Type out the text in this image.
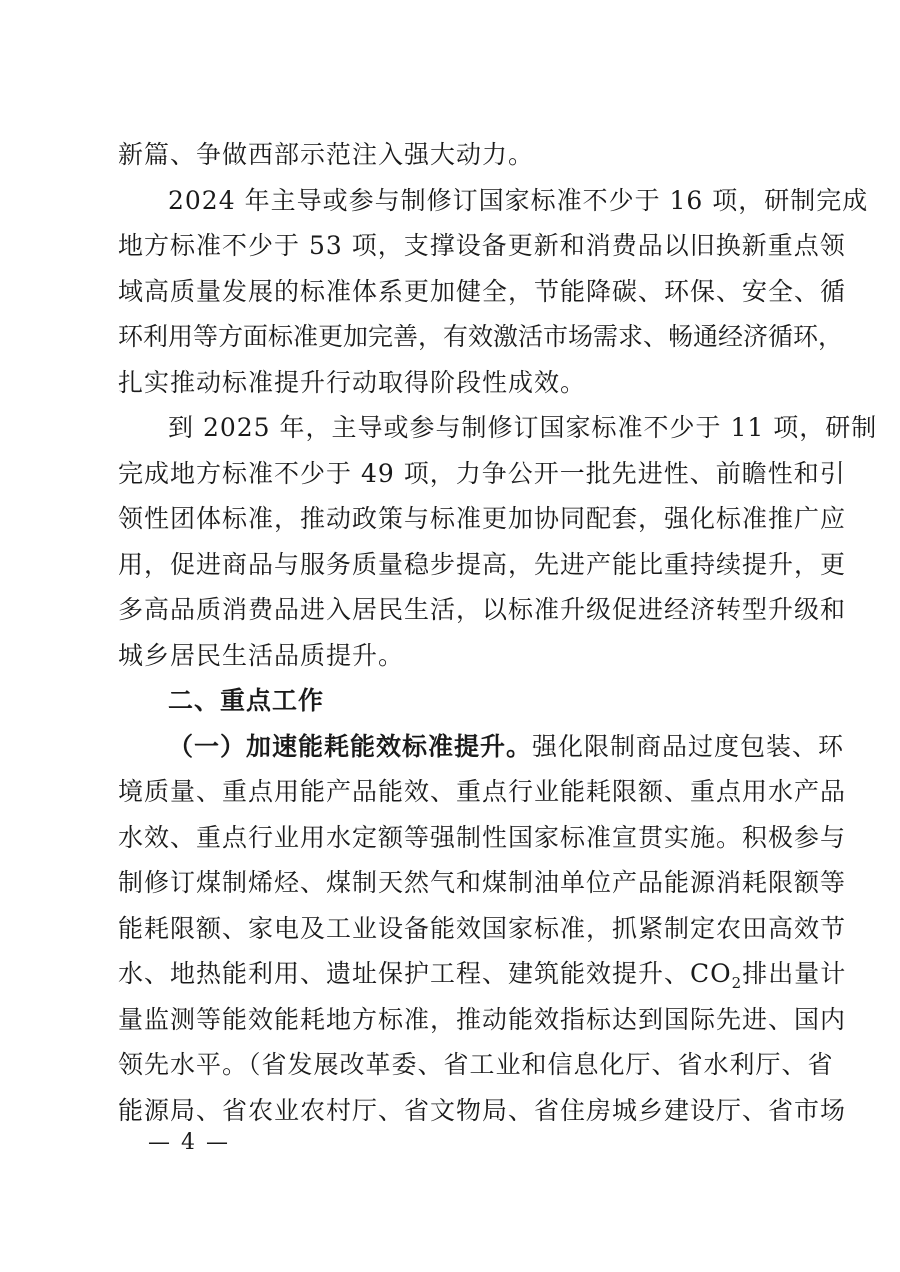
新篇、争做西部示范注入强大动力。
2024 年主导或参与制修订国家标准不少于 16 项，研制完成
地方标准不少于 53 项，支撑设备更新和消费品以旧换新重点领
域高质量发展的标准体系更加健全，节能降碳、环保、安全、循
环利用等方面标准更加完善，有效激活市场需求、畅通经济循环，
扎实推动标准提升行动取得阶段性成效。
到 2025 年，主导或参与制修订国家标准不少于 11 项，研制
完成地方标准不少于 49 项，力争公开一批先进性、前瞻性和引
领性团体标准，推动政策与标准更加协同配套，强化标准推广应
用，促进商品与服务质量稳步提高，先进产能比重持续提升，更
多高品质消费品进入居民生活，以标准升级促进经济转型升级和
城乡居民生活品质提升。
二、重点工作
（一）加速能耗能效标准提升。强化限制商品过度包装、环
境质量、重点用能产品能效、重点行业能耗限额、重点用水产品
水效、重点行业用水定额等强制性国家标准宣贯实施。积极参与
制修订煤制烯烃、煤制天然气和煤制油单位产品能源消耗限额等
能耗限额、家电及工业设备能效国家标准，抓紧制定农田高效节
水、地热能利用、遗址保护工程、建筑能效提升、$CO_2$排出量计
量监测等能效能耗地方标准，推动能效指标达到国际先进、国内
领先水平。（省发展改革委、省工业和信息化厅、省水利厅、省
能源局、省农业农村厅、省文物局、省住房城乡建设厅、省市场
— 4 —
